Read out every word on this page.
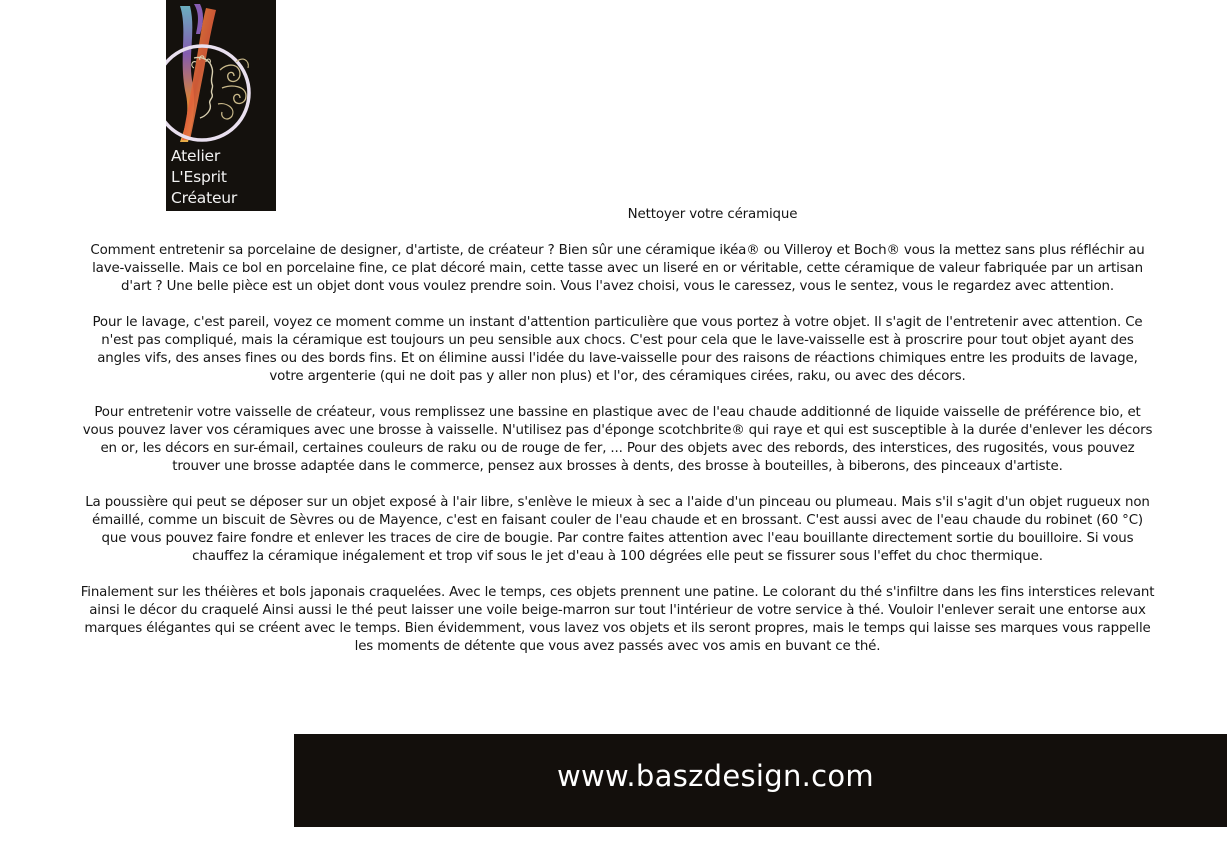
Atelier
L'Esprit
Créateur
Nettoyer votre céramique

Comment entretenir sa porcelaine de designer, d'artiste, de créateur ? Bien sûr une céramique ikéa® ou Villeroy et Boch® vous la mettez sans plus réfléchir au lave-vaisselle. Mais ce bol en porcelaine fine, ce plat décoré main, cette tasse avec un liseré en or véritable, cette céramique de valeur fabriquée par un artisan d'art ? Une belle pièce est un objet dont vous voulez prendre soin. Vous l'avez choisi, vous le caressez, vous le sentez, vous le regardez avec attention.

Pour le lavage, c'est pareil, voyez ce moment comme un instant d'attention particulière que vous portez à votre objet. Il s'agit de l'entretenir avec attention. Ce n'est pas compliqué, mais la céramique est toujours un peu sensible aux chocs. C'est pour cela que le lave-vaisselle est à proscrire pour tout objet ayant des angles vifs, des anses fines ou des bords fins. Et on élimine aussi l'idée du lave-vaisselle pour des raisons de réactions chimiques entre les produits de lavage, votre argenterie (qui ne doit pas y aller non plus) et l'or, des céramiques cirées, raku, ou avec des décors.

Pour entretenir votre vaisselle de créateur, vous remplissez une bassine en plastique avec de l'eau chaude additionné de liquide vaisselle de préférence bio, et vous pouvez laver vos céramiques avec une brosse à vaisselle. N'utilisez pas d'éponge scotchbrite® qui raye et qui est susceptible à la durée d'enlever les décors en or, les décors en sur-émail, certaines couleurs de raku ou de rouge de fer, ... Pour des objets avec des rebords, des interstices, des rugosités, vous pouvez trouver une brosse adaptée dans le commerce, pensez aux brosses à dents, des brosse à bouteilles, à biberons, des pinceaux d'artiste.

La poussière qui peut se déposer sur un objet exposé à l'air libre, s'enlève le mieux à sec a l'aide d'un pinceau ou plumeau. Mais s'il s'agit d'un objet rugueux non émaillé, comme un biscuit de Sèvres ou de Mayence, c'est en faisant couler de l'eau chaude et en brossant. C'est aussi avec de l'eau chaude du robinet (60 °C) que vous pouvez faire fondre et enlever les traces de cire de bougie. Par contre faites attention avec l'eau bouillante directement sortie du bouilloire. Si vous chauffez la céramique inégalement et trop vif sous le jet d'eau à 100 dégrées elle peut se fissurer sous l'effet du choc thermique.

Finalement sur les théières et bols japonais craquelées. Avec le temps, ces objets prennent une patine. Le colorant du thé s'infiltre dans les fins interstices relevant ainsi le décor du craquelé Ainsi aussi le thé peut laisser une voile beige-marron sur tout l'intérieur de votre service à thé. Vouloir l'enlever serait une entorse aux marques élégantes qui se créent avec le temps. Bien évidemment, vous lavez vos objets et ils seront propres, mais le temps qui laisse ses marques vous rappelle les moments de détente que vous avez passés avec vos amis en buvant ce thé.

www.baszdesign.com
